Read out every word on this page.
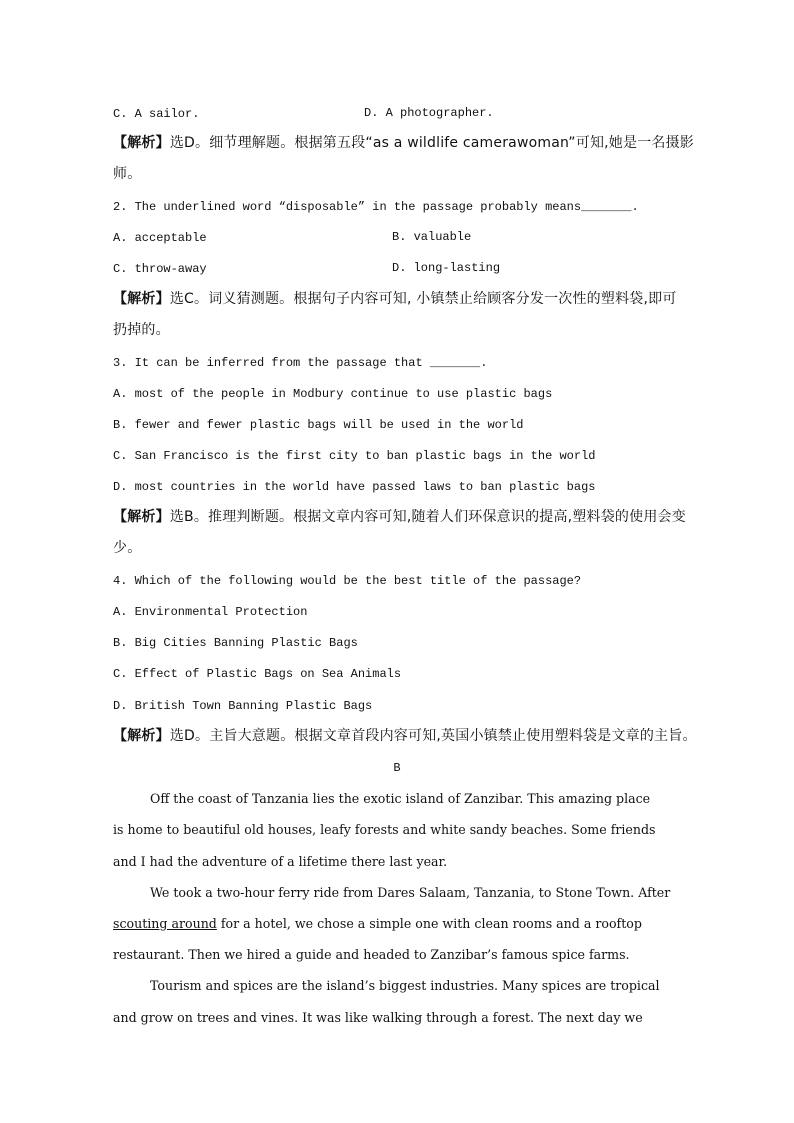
C. A sailor.	D. A photographer.
【解析】选D。细节理解题。根据第五段“as a wildlife camerawoman”可知,她是一名摄影
师。
2. The underlined word “disposable” in the passage probably means_______.
A. acceptable	B. valuable
C. throw-away	D. long-lasting
【解析】选C。词义猜测题。根据句子内容可知, 小镇禁止给顾客分发一次性的塑料袋,即可
扔掉的。
3. It can be inferred from the passage that _______.
A. most of the people in Modbury continue to use plastic bags
B. fewer and fewer plastic bags will be used in the world
C. San Francisco is the first city to ban plastic bags in the world
D. most countries in the world have passed laws to ban plastic bags
【解析】选B。推理判断题。根据文章内容可知,随着人们环保意识的提高,塑料袋的使用会变
少。
4. Which of the following would be the best title of the passage?
A. Environmental Protection
B. Big Cities Banning Plastic Bags
C. Effect of Plastic Bags on Sea Animals
D. British Town Banning Plastic Bags
【解析】选D。主旨大意题。根据文章首段内容可知,英国小镇禁止使用塑料袋是文章的主旨。
B
Off the coast of Tanzania lies the exotic island of Zanzibar. This amazing place
is home to beautiful old houses, leafy forests and white sandy beaches. Some friends
and I had the adventure of a lifetime there last year.
We took a two-hour ferry ride from Dares Salaam, Tanzania, to Stone Town. After
scouting around for a hotel, we chose a simple one with clean rooms and a rooftop
restaurant. Then we hired a guide and headed to Zanzibar’s famous spice farms.
Tourism and spices are the island’s biggest industries. Many spices are tropical
and grow on trees and vines. It was like walking through a forest. The next day we
